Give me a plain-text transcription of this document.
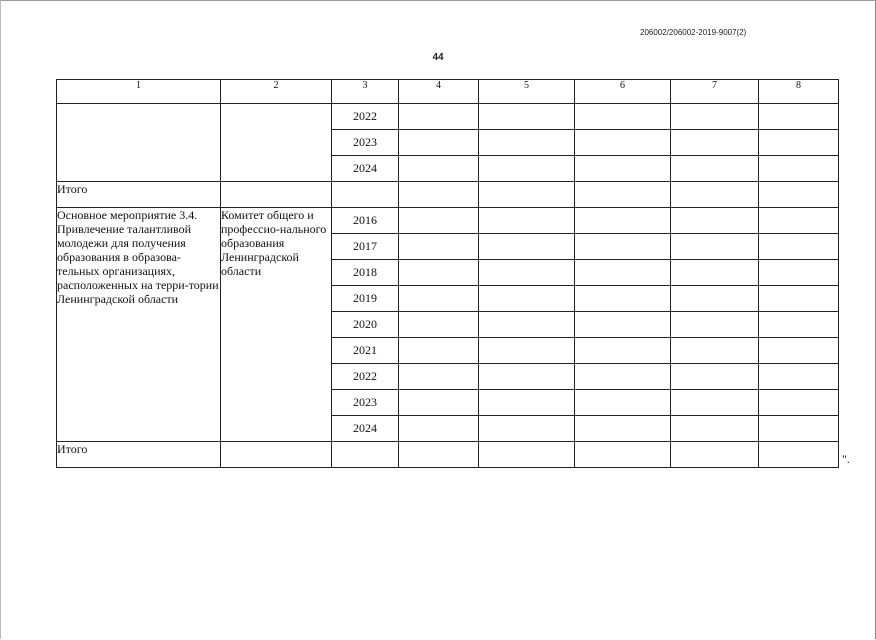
206002/206002-2019-9007(2)
44
1	2	3	4	5	6	7	8
		2022					
		2023					
		2024					
Итого							
Основное мероприятие 3.4. Привлечение талантливой молодежи для получения образования в образова-тельных организациях, расположенных на терри-тории Ленинградской области	Комитет общего и профессио-нального образования Ленинградской области	2016					
		2017					
		2018					
		2019					
		2020					
		2021					
		2022					
		2023					
		2024					
Итого							
".
